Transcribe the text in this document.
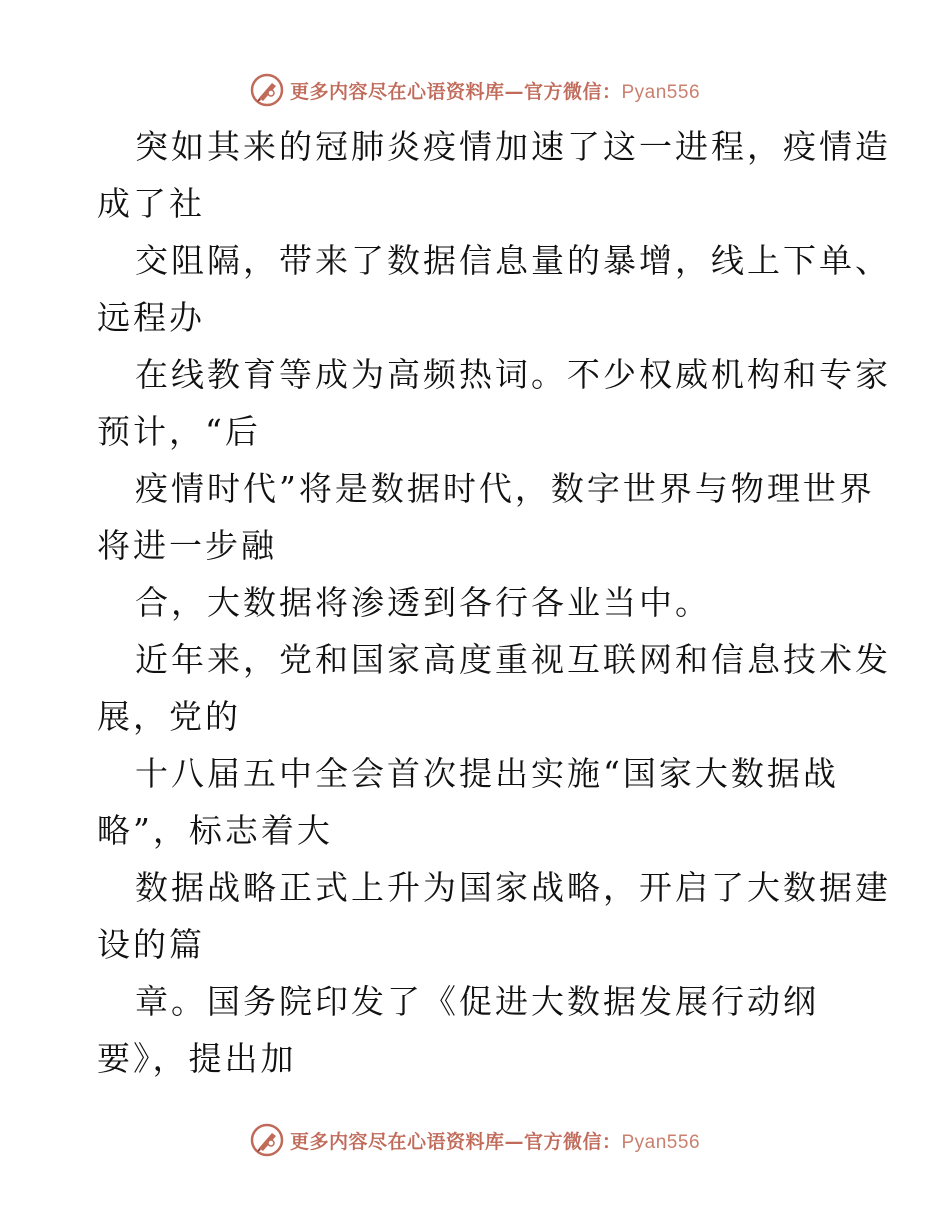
更多内容尽在心语资料库—官方微信：Pyan556
突如其来的冠肺炎疫情加速了这一进程，疫情造
成了社
交阻隔，带来了数据信息量的暴增，线上下单、
远程办
在线教育等成为高频热词。不少权威机构和专家
预计，“后
疫情时代”将是数据时代，数字世界与物理世界
将进一步融
合，大数据将渗透到各行各业当中。
近年来，党和国家高度重视互联网和信息技术发
展，党的
十八届五中全会首次提出实施“国家大数据战
略”，标志着大
数据战略正式上升为国家战略，开启了大数据建
设的篇
章。国务院印发了《促进大数据发展行动纲
要》，提出加
更多内容尽在心语资料库—官方微信：Pyan556
